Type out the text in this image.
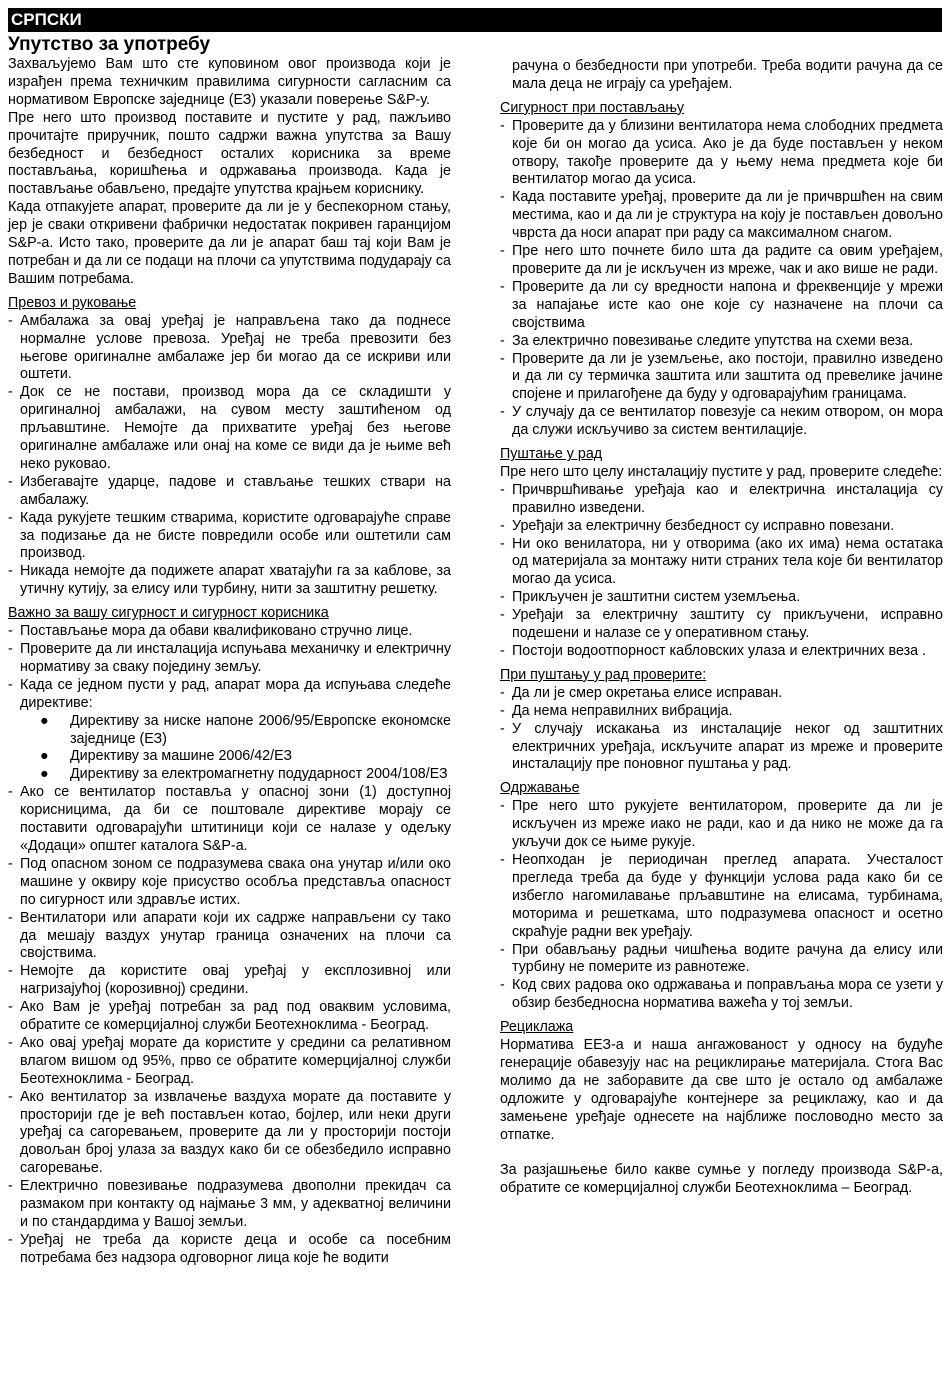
СРПСКИ
Упутство за употребу
Захваљујемо Вам што сте куповином овог производа који је израђен према техничким правилима сигурности сагласним са нормативом Европске заједнице (ЕЗ) указали поверење S&P-у.
Пре него што производ поставите и пустите у рад, пажљиво прочитајте приручник, пошто садржи важна упутства за Вашу безбедност и безбедност осталих корисника за време постављања, коришћења и одржавања производа. Када је постављање обављено, предајте упутства крајњем кориснику.
Када отпакујете апарат, проверите да ли је у беспекорном стању, јер је сваки откривени фабрички недостатак покривен гаранцијом S&P-а. Исто тако, проверите да ли је апарат баш тај који Вам је потребан и да ли се подаци на плочи са упутствима подударају са Вашим потребама.
Превоз и руковање
- Амбалажа за овај уређај је направљена тако да поднесе нормалне услове превоза. Уређај не треба превозити без његове оригиналне амбалаже јер би могао да се искриви или оштети.
- Док се не постави, производ мора да се складишти у оригиналној амбалажи, на сувом месту заштићеном од прљавштине. Немојте да прихватите уређај без његове оригиналне амбалаже или онај на коме се види да је њиме већ неко руковао.
- Избегавајте ударце, падове и стављање тешких ствари на амбалажу.
- Када рукујете тешким стварима, користите одговарајуће справе за подизање да не бисте повредили особе или оштетили сам производ.
- Никада немојте да подижете апарат хватајући га за каблове, за утичну кутију, за елису или турбину, нити за заштитну решетку.
Важно за вашу сигурност и сигурност корисника
- Постављање мора да обави квалификовано стручно лице.
- Проверите да ли инсталација испуњава механичку и електричну нормативу за сваку поједину земљу.
- Када се једном пусти у рад, апарат мора да испуњава следеће директиве:
● Директиву за ниске напоне 2006/95/Европске економске заједнице (ЕЗ)
● Директиву за машине 2006/42/ЕЗ
● Директиву за електромагнетну подударност 2004/108/ЕЗ
- Ако се вентилатор поставља у опасној зони (1) доступној корисницима, да би се поштовале директиве морају се поставити одговарајући штитиници који се налазе у одељку «Додаци» општег каталога S&P-а.
- Под опасном зоном се подразумева свака она унутар и/или око машине у оквиру које присуство особља представља опасност по сигурност или здравље истих.
- Вентилатори или апарати који их садрже направљени су тако да мешају ваздух унутар граница означених на плочи са својствима.
- Немојте да користите овај уређај у експлозивној или нагризајућој (корозивној) средини.
- Ако Вам је уређај потребан за рад под оваквим условима, обратите се комерцијалној служби Беотехноклима - Београд.
- Ако овај уређај морате да користите у средини са релативном влагом вишом од 95%, прво се обратите комерцијалној служби Беотехноклима - Београд.
- Ако вентилатор за извлачење ваздуха морате да поставите у просторији где је већ постављен котао, бојлер, или неки други уређај са сагоревањем, проверите да ли у просторији постоји довољан број улаза за ваздух како би се обезбедило исправно сагоревање.
- Електрично повезивање подразумева двополни прекидач са размаком при контакту од најмање 3 мм, у адекватној величини и по стандардима у Вашој земљи.
- Уређај не треба да користе деца и особе са посебним потребама без надзора одговорног лица које ће водити
рачуна о безбедности при употреби. Треба водити рачуна да се мала деца не играју са уређајем.
Сигурност при постављању
- Проверите да у близини вентилатора нема слободних предмета које би он могао да усиса. Ако је да буде постављен у неком отвору, такође проверите да у њему нема предмета које би вентилатор могао да усиса.
- Када поставите уређај, проверите да ли је причвршћен на свим местима, као и да ли је структура на коју је постављен довољно чврста да носи апарат при раду са максималном снагом.
- Пре него што почнете било шта да радите са овим уређајем, проверите да ли је искључен из мреже, чак и ако више не ради.
- Проверите да ли су вредности напона и фреквенције у мрежи за напајање исте као оне које су назначене на плочи са својствима
- За електрично повезивање следите упутства на схеми веза.
- Проверите да ли је уземљење, ако постоји, правилно изведено и да ли су термичка заштита или заштита од превелике јачине спојене и прилагођене да буду у одговарајућим границама.
- У случају да се вентилатор повезује са неким отвором, он мора да служи искључиво за систем вентилације.
Пуштање у рад
Пре него што целу инсталацију пустите у рад, проверите следеће:
- Причвршћивање уређаја као и електрична инсталација су правилно изведени.
- Уређаји за електричну безбедност су исправно повезани.
- Ни око венилатора, ни у отворима (ако их има) нема остатака од материјала за монтажу нити страних тела које би вентилатор могао да усиса.
- Прикључен је заштитни систем уземљења.
- Уређаји за електричну заштиту су прикључени, исправно подешени и налазе се у оперативном стању.
- Постоји водоотпорност кабловских улаза и електричних веза .
При пуштању у рад проверите:
- Да ли је смер окретања елисе исправан.
- Да нема неправилних вибрација.
- У случају искакања из инсталације неког од заштитних електричних уређаја, искључите апарат из мреже и проверите инсталацију пре поновног пуштања у рад.
Одржавање
- Пре него што рукујете вентилатором, проверите да ли је искључен из мреже иако не ради, као и да нико не може да га укључи док се њиме рукује.
- Неопходан је периодичан преглед апарата. Учесталост прегледа треба да буде у функцији услова рада како би се избегло нагомилавање прљавштине на елисама, турбинама, моторима и решеткама, што подразумева опасност и осетно скраћује радни век уређају.
- При обављању радњи чишћења водите рачуна да елису или турбину не померите из равнотеже.
- Код свих радова око одржавања и поправљања мора се узети у обзир безбедносна норматива важећа у тој земљи.
Рециклажа
Норматива ЕЕЗ-а и наша ангажованост у односу на будуће генерације обавезују нас на рециклирање материјала. Стога Вас молимо да не заборавите да све што је остало од амбалаже одложите у одговарајуће контејнере за рециклажу, као и да замењене уређаје однесете на најближе пословодно место за отпатке.
За разјашњење било какве сумње у погледу производа S&P-а, обратите се комерцијалној служби Беотехноклима – Београд.
